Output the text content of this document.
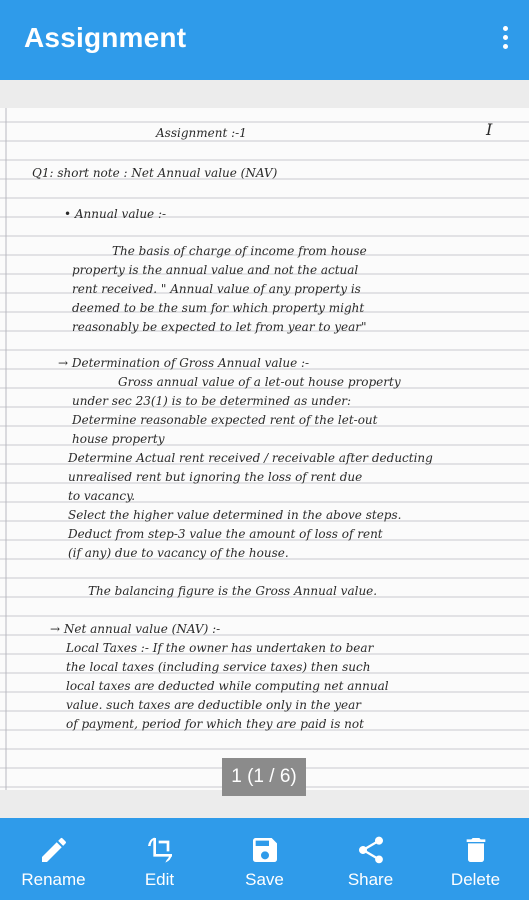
Assignment
Assignment :-1	I
Q1: short note : Net Annual value (NAV)
• Annual value :-
The basis of charge of income from house
property is the annual value and not the actual
rent received. " Annual value of any property is
deemed to be the sum for which property might
reasonably be expected to let from year to year"
→ Determination of Gross Annual value :-
Gross annual value of a let-out house property
under sec 23(1) is to be determined as under:
Determine reasonable expected rent of the let-out
house property
Determine Actual rent received / receivable after deducting
unrealised rent but ignoring the loss of rent due
to vacancy.
Select the higher value determined in the above steps.
Deduct from step-3 value the amount of loss of rent
(if any) due to vacancy of the house.
The balancing figure is the Gross Annual value.
→ Net annual value (NAV) :-
Local Taxes :- If the owner has undertaken to bear
the local taxes (including service taxes) then such
local taxes are deducted while computing net annual
value. such taxes are deductible only in the year
of payment, period for which they are paid is not
1 (1 / 6)
Rename	Edit	Save	Share	Delete
